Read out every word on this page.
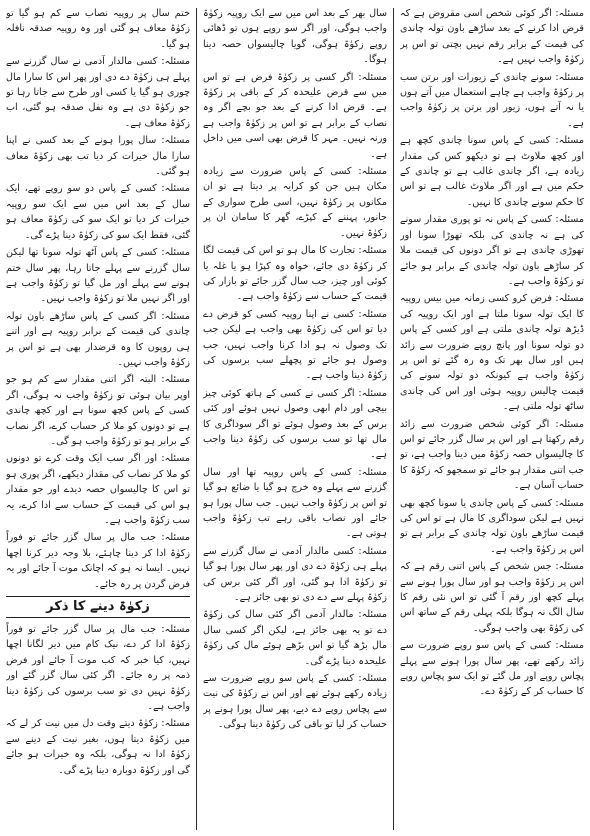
مسئلہ: اگر کوئی شخص اسی مقروض ہے کہ قرض ادا کرنے کے بعد ساڑھے باون تولہ چاندی کی قیمت کے برابر رقم نہیں بچتی تو اس پر زکوٰۃ واجب نہیں ہے۔

مسئلہ: سونے چاندی کے زیورات اور برتن سب پر زکوٰۃ واجب ہے چاہے استعمال میں آتے ہوں یا نہ آتے ہوں، زیور اور برتن پر زکوٰۃ واجب ہے۔

مسئلہ: کسی کے پاس سونا چاندی کچھ ہے اور کچھ ملاوٹ ہے تو دیکھو کس کی مقدار زیادہ ہے، اگر چاندی غالب ہے تو چاندی کے حکم میں ہے اور اگر ملاوٹ غالب ہے تو اس کا حکم سونے چاندی کا نہیں۔

مسئلہ: کسی کے پاس نہ تو پوری مقدار سونے کی ہے نہ چاندی کی بلکہ تھوڑا سونا اور تھوڑی چاندی ہے تو اگر دونوں کی قیمت ملا کر ساڑھے باون تولہ چاندی کے برابر ہو جائے تو زکوٰۃ واجب ہے۔

مسئلہ: فرض کرو کسی زمانہ میں بیس روپیہ کا ایک تولہ سونا ملتا ہے اور ایک روپیہ کی ڈیڑھ تولہ چاندی ملتی ہے اور کسی کے پاس دو تولہ سونا اور پانچ روپے ضرورت سے زائد ہیں اور سال بھر تک وہ رہ گئے تو اس پر زکوٰۃ واجب ہے کیونکہ دو تولہ سونے کی قیمت چالیس روپیہ ہوئی اور اس کی چاندی ساٹھ تولہ ملتی ہے۔

مسئلہ: اگر کوئی شخص ضرورت سے زائد رقم رکھتا ہے اور اس پر سال گزر جائے تو اس کا چالیسواں حصہ زکوٰۃ میں دینا واجب ہے، تو جب اتنی مقدار ہو جائے تو سمجھو کہ زکوٰۃ کا حساب آسان ہے۔

مسئلہ: کسی کے پاس چاندی یا سونا کچھ بھی نہیں ہے لیکن سوداگری کا مال ہے تو اس کی قیمت ساڑھے باون تولہ چاندی کے برابر ہے تو اس پر زکوٰۃ واجب ہے۔

مسئلہ: جس شخص کے پاس اتنی رقم ہے کہ اس پر زکوٰۃ واجب ہو اور سال پورا ہونے سے پہلے کچھ اور رقم آ گئی تو اس نئی رقم کا سال الگ نہ ہوگا بلکہ پہلی رقم کے ساتھ اس کی زکوٰۃ بھی واجب ہوگی۔

مسئلہ: کسی کے پاس سو روپے ضرورت سے زائد رکھے تھے، پھر سال پورا ہونے سے پہلے پچاس روپے اور مل گئے تو ایک سو پچاس روپے کا حساب کر کے زکوٰۃ دے۔

سال بھر کے بعد اس میں سے ایک روپیہ زکوٰۃ واجب ہوگی، اور اگر سو روپے ہوں تو ڈھائی روپے زکوٰۃ ہوگی، گویا چالیسواں حصہ دینا ہوگا۔

مسئلہ: اگر کسی پر زکوٰۃ فرض ہے تو اس میں سے قرض علیحدہ کر کے باقی پر زکوٰۃ ہے۔ قرض ادا کرنے کے بعد جو بچے اگر وہ نصاب کے برابر ہے تو اس پر زکوٰۃ واجب ہے ورنہ نہیں۔ مہر کا قرض بھی اسی میں داخل ہے۔

مسئلہ: کسی کے پاس ضرورت سے زیادہ مکان ہیں جن کو کرایہ پر دیتا ہے تو ان مکانوں پر زکوٰۃ نہیں، اسی طرح سواری کے جانور، پہننے کے کپڑے، گھر کا سامان ان پر زکوٰۃ نہیں۔

مسئلہ: تجارت کا مال ہو تو اس کی قیمت لگا کر زکوٰۃ دی جائے، خواہ وہ کپڑا ہو یا غلہ یا کوئی اور چیز، جب سال گزر جائے تو بازار کی قیمت کے حساب سے زکوٰۃ واجب ہے۔

مسئلہ: کسی نے اپنا روپیہ کسی کو قرض دے دیا تو اس کی زکوٰۃ بھی واجب ہے لیکن جب تک وصول نہ ہو ادا کرنا واجب نہیں، جب وصول ہو جائے تو پچھلے سب برسوں کی زکوٰۃ دینا واجب ہے۔

مسئلہ: اگر کسی نے کسی کے ہاتھ کوئی چیز بیچی اور دام ابھی وصول نہیں ہوئے اور کئی برس کے بعد وصول ہوئے تو اگر سوداگری کا مال تھا تو سب برسوں کی زکوٰۃ دینا واجب ہے۔

مسئلہ: کسی کے پاس روپیہ تھا اور سال گزرنے سے پہلے وہ خرچ ہو گیا یا ضائع ہو گیا تو اس پر زکوٰۃ واجب نہیں۔ جب سال پورا ہو جائے اور نصاب باقی رہے تب زکوٰۃ واجب ہوتی ہے۔

مسئلہ: کسی مالدار آدمی نے سال گزرنے سے پہلے ہی زکوٰۃ دے دی اور پھر سال پورا ہو گیا تو زکوٰۃ ادا ہو گئی، اور اگر کئی برس کی زکوٰۃ پہلے سے دے دی تو بھی جائز ہے۔

مسئلہ: مالدار آدمی اگر کئی سال کی زکوٰۃ دے تو یہ بھی جائز ہے، لیکن اگر کسی سال مال بڑھ گیا تو اس بڑھے ہوئے مال کی زکوٰۃ علیحدہ دینا پڑے گی۔

مسئلہ: کسی کے پاس سو روپے ضرورت سے زیادہ رکھے ہوئے تھے اور اس نے زکوٰۃ کی نیت سے پچاس روپے دے دیے، پھر سال پورا ہونے پر حساب کر لیا تو باقی کی زکوٰۃ دینا ہوگی۔

ختم سال پر روپیہ نصاب سے کم ہو گیا تو زکوٰۃ معاف ہو گئی اور وہ روپیہ صدقہ نافلہ ہو گیا۔

مسئلہ: کسی مالدار آدمی نے سال گزرنے سے پہلے ہی زکوٰۃ دے دی اور پھر اس کا سارا مال چوری ہو گیا یا کسی اور طرح سے جاتا رہا تو جو زکوٰۃ دی ہے وہ نفل صدقہ ہو گئی، اب زکوٰۃ معاف ہے۔

مسئلہ: سال پورا ہونے کے بعد کسی نے اپنا سارا مال خیرات کر دیا تب بھی زکوٰۃ معاف ہو گئی۔

مسئلہ: کسی کے پاس دو سو روپے تھے، ایک سال کے بعد اس میں سے ایک سو روپیہ خیرات کر دیا تو ایک سو کی زکوٰۃ معاف ہو گئی، فقط ایک سو کی زکوٰۃ دینا پڑے گی۔

مسئلہ: کسی کے پاس آٹھ تولہ سونا تھا لیکن سال گزرنے سے پہلے جاتا رہا، پھر سال ختم ہونے سے پہلے اور مل گیا تو زکوٰۃ واجب ہے اور اگر نہیں ملا تو زکوٰۃ واجب نہیں۔

مسئلہ: اگر کسی کے پاس ساڑھے باون تولہ چاندی کی قیمت کے برابر روپیہ ہے اور اتنے ہی روپوں کا وہ قرضدار بھی ہے تو اس پر زکوٰۃ واجب نہیں۔

مسئلہ: البتہ اگر اتنی مقدار سے کم ہو جو اوپر بیان ہوئی تو زکوٰۃ واجب نہ ہوگی، اگر کسی کے پاس کچھ سونا ہے اور کچھ چاندی ہے تو دونوں کو ملا کر حساب کرے، اگر نصاب کے برابر ہو تو زکوٰۃ واجب ہو گی۔

مسئلہ: اور اگر سب ایک وقت کرے تو دونوں کو ملا کر نصاب کی مقدار دیکھے، اگر پوری ہو تو اس کا چالیسواں حصہ دیدے اور جو مقدار ہو اس کی قیمت کے حساب سے ادا کرے، یہ سب زکوٰۃ واجب ہے۔

مسئلہ: جب مال پر سال گزر جائے تو فوراً زکوٰۃ ادا کر دینا چاہئے، بلا وجہ دیر کرنا اچھا نہیں۔ ایسا نہ ہو کہ اچانک موت آ جائے اور یہ فرض گردن پر رہ جائے۔

زکوٰۃ دینے کا ذکر

مسئلہ: جب مال پر سال گزر جائے تو فوراً زکوٰۃ ادا کر دے، نیک کام میں دیر لگانا اچھا نہیں، کیا خبر کہ کب موت آ جائے اور فرض ذمہ پر رہ جائے۔ اگر کئی سال گزر گئے اور زکوٰۃ نہیں دی تو سب برسوں کی زکوٰۃ دینا واجب ہے۔

مسئلہ: زکوٰۃ دیتے وقت دل میں نیت کر لے کہ میں زکوٰۃ دیتا ہوں، بغیر نیت کے دینے سے زکوٰۃ ادا نہ ہوگی، بلکہ وہ خیرات ہو جائے گی اور زکوٰۃ دوبارہ دینا پڑے گی۔
